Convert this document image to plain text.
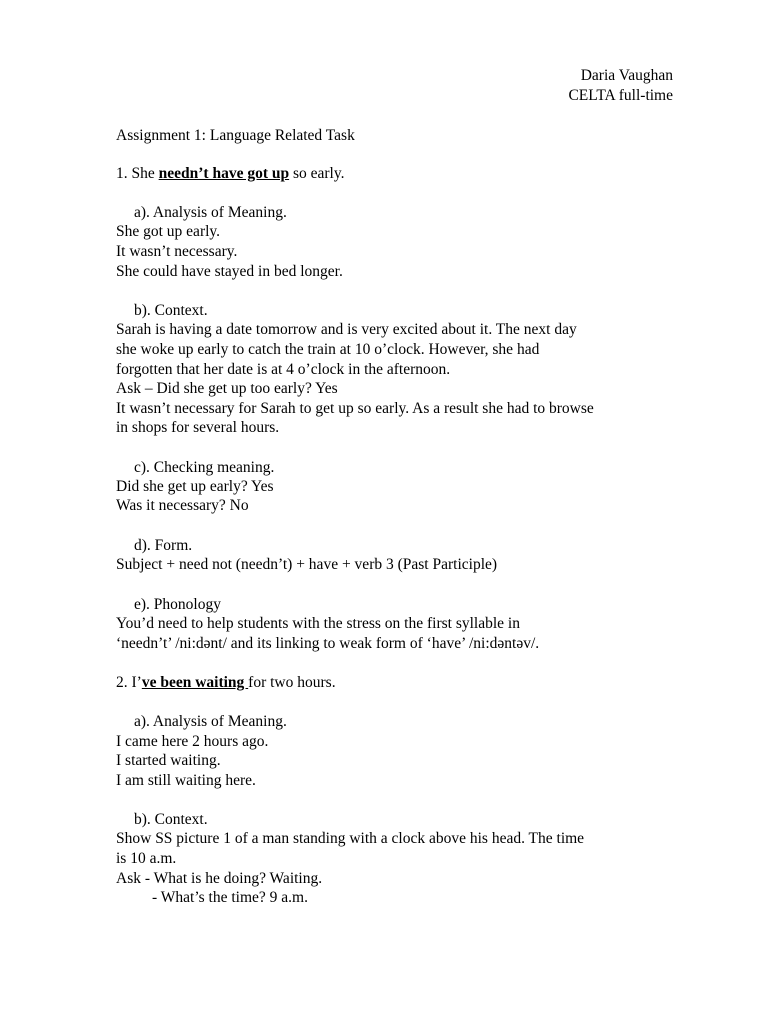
Daria Vaughan
CELTA full-time
Assignment 1: Language Related Task
1. She needn’t have got up so early.
a). Analysis of Meaning.
She got up early.
It wasn’t necessary.
She could have stayed in bed longer.
b). Context.
Sarah is having a date tomorrow and is very excited about it. The next day
she woke up early to catch the train at 10 o’clock. However, she had
forgotten that her date is at 4 o’clock in the afternoon.
Ask – Did she get up too early? Yes
It wasn’t necessary for Sarah to get up so early. As a result she had to browse
in shops for several hours.
c). Checking meaning.
Did she get up early? Yes
Was it necessary? No
d). Form.
Subject + need not (needn’t) + have + verb 3 (Past Participle)
e). Phonology
You’d need to help students with the stress on the first syllable in
‘needn’t’ /ni:dənt/ and its linking to weak form of ‘have’ /ni:dəntəv/.
2. I’ve been waiting for two hours.
a). Analysis of Meaning.
I came here 2 hours ago.
I started waiting.
I am still waiting here.
b). Context.
Show SS picture 1 of a man standing with a clock above his head. The time
is 10 a.m.
Ask - What is he doing? Waiting.
- What’s the time? 9 a.m.
